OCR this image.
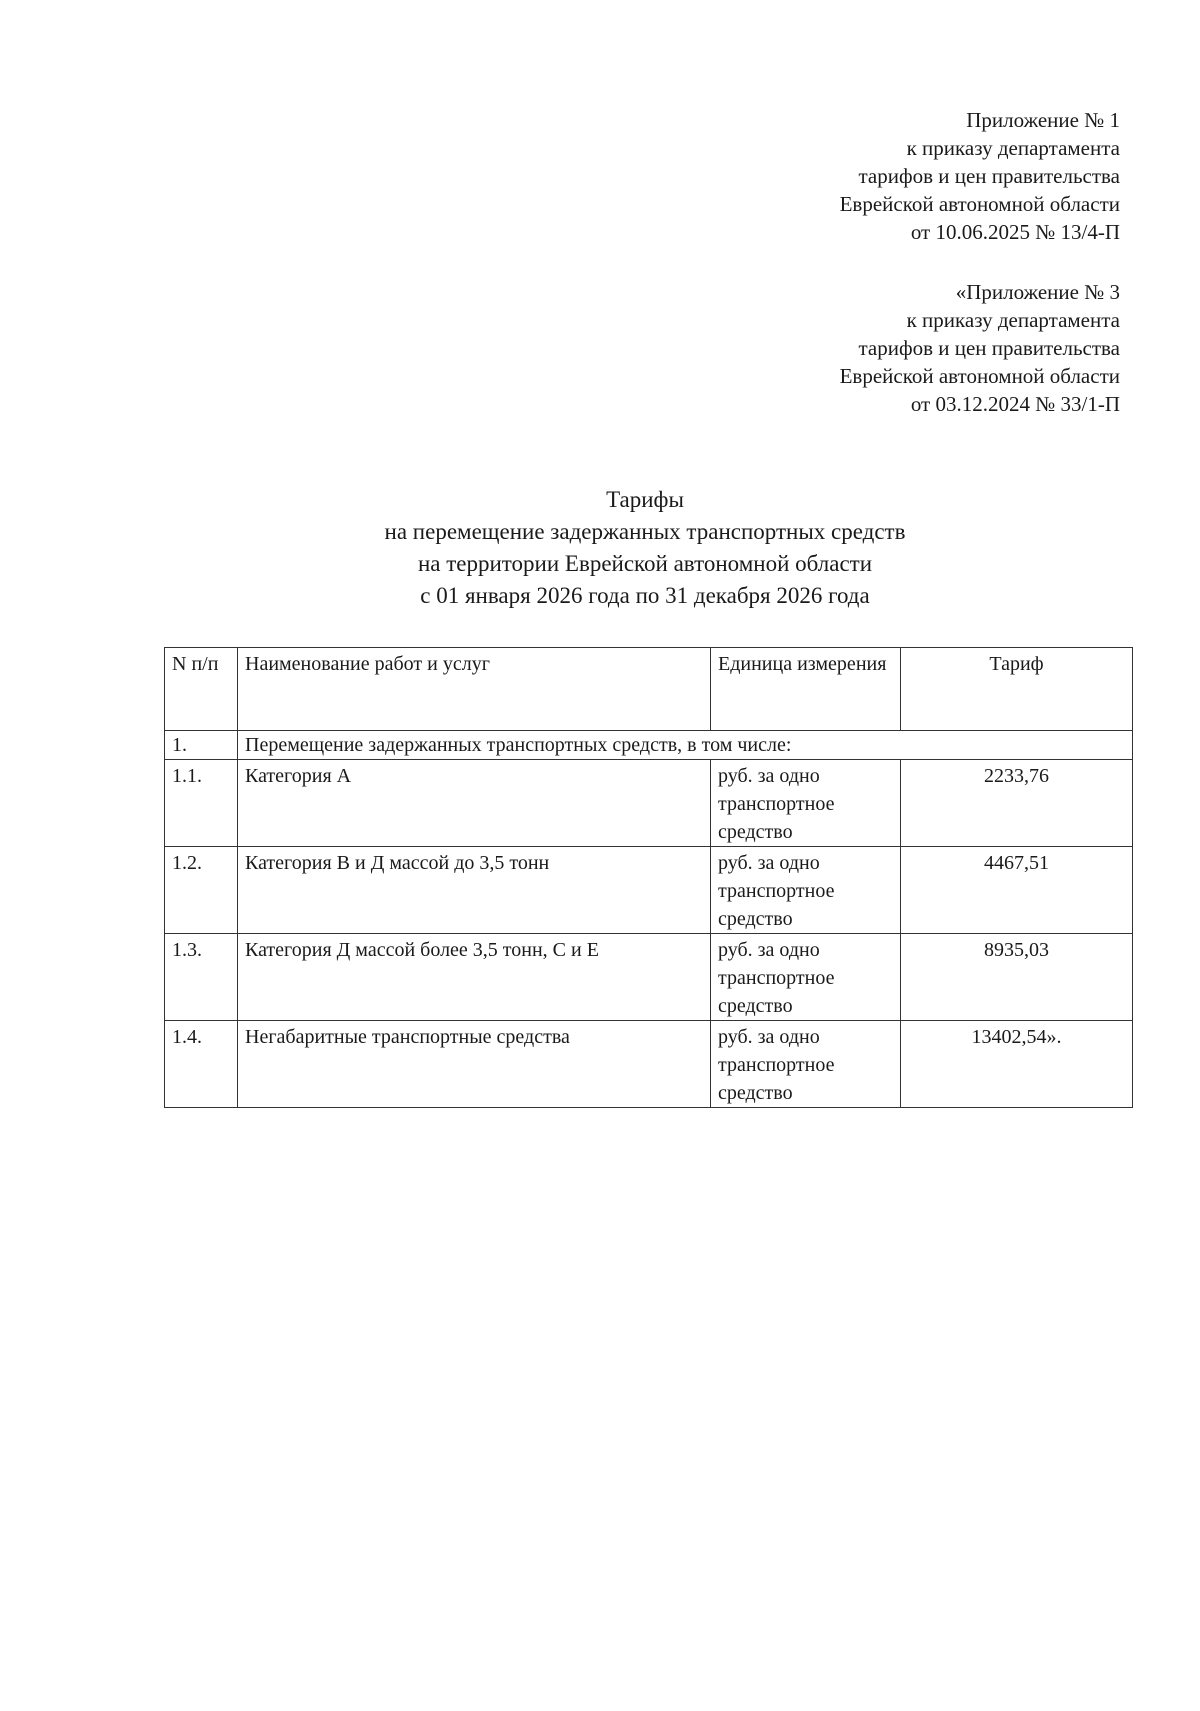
Приложение № 1
к приказу департамента
тарифов и цен правительства
Еврейской автономной области
от 10.06.2025 № 13/4-П
«Приложение № 3
к приказу департамента
тарифов и цен правительства
Еврейской автономной области
от 03.12.2024 № 33/1-П
Тарифы
на перемещение задержанных транспортных средств
на территории Еврейской автономной области
с 01 января 2026 года по 31 декабря 2026 года
N п/п	Наименование работ и услуг	Единица измерения	Тариф
1.	Перемещение задержанных транспортных средств, в том числе:		
1.1.	Категория А	руб. за одно транспортное средство	2233,76
1.2.	Категория В и Д массой до 3,5 тонн	руб. за одно транспортное средство	4467,51
1.3.	Категория Д массой более 3,5 тонн, С и Е	руб. за одно транспортное средство	8935,03
1.4.	Негабаритные транспортные средства	руб. за одно транспортное средство	13402,54».
